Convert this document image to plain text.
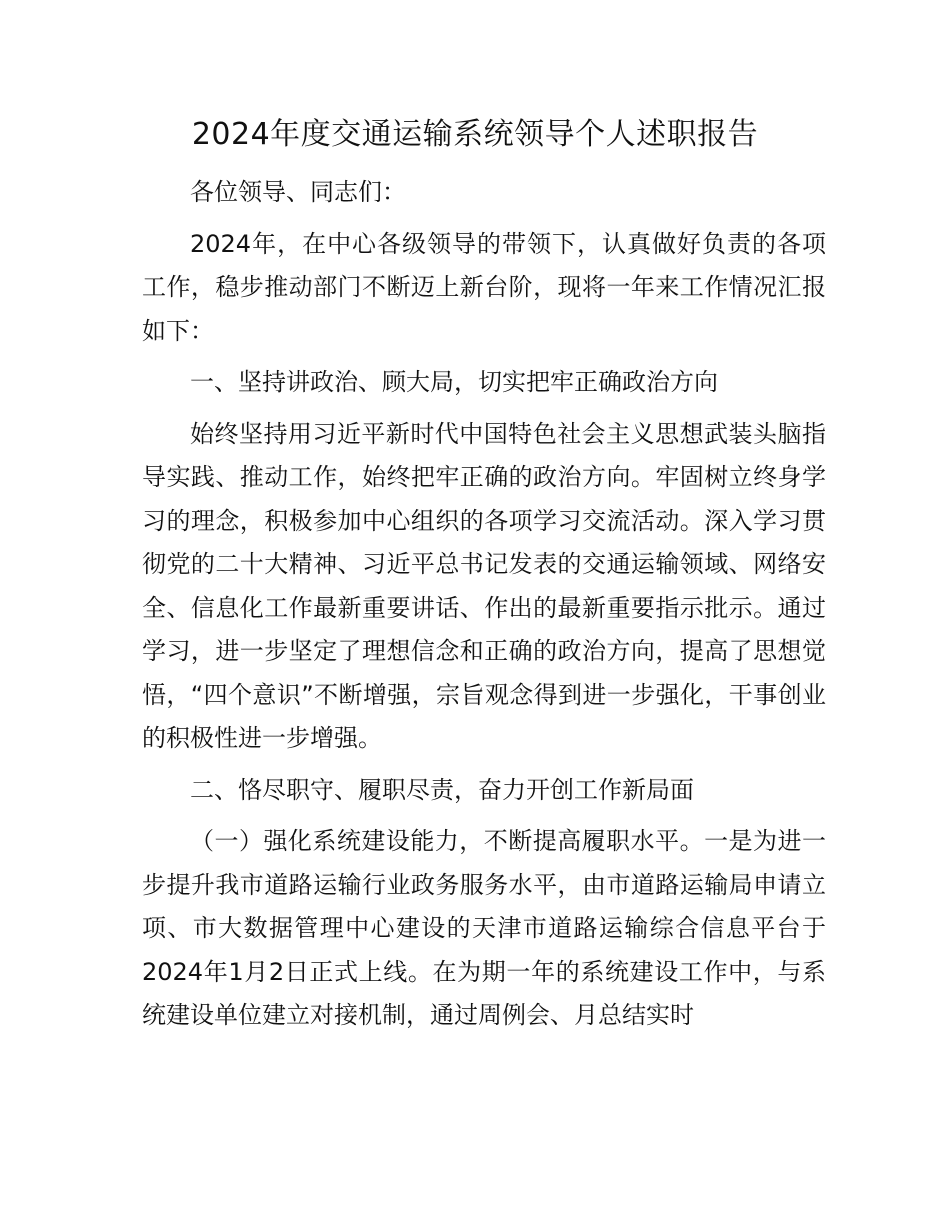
2024年度交通运输系统领导个人述职报告

各位领导、同志们：

2024年，在中心各级领导的带领下，认真做好负责的各项工作，稳步推动部门不断迈上新台阶，现将一年来工作情况汇报如下：

一、坚持讲政治、顾大局，切实把牢正确政治方向

始终坚持用习近平新时代中国特色社会主义思想武装头脑指导实践、推动工作，始终把牢正确的政治方向。牢固树立终身学习的理念，积极参加中心组织的各项学习交流活动。深入学习贯彻党的二十大精神、习近平总书记发表的交通运输领域、网络安全、信息化工作最新重要讲话、作出的最新重要指示批示。通过学习，进一步坚定了理想信念和正确的政治方向，提高了思想觉悟，“四个意识”不断增强，宗旨观念得到进一步强化，干事创业的积极性进一步增强。

二、恪尽职守、履职尽责，奋力开创工作新局面

（一）强化系统建设能力，不断提高履职水平。一是为进一步提升我市道路运输行业政务服务水平，由市道路运输局申请立项、市大数据管理中心建设的天津市道路运输综合信息平台于2024年1月2日正式上线。在为期一年的系统建设工作中，与系统建设单位建立对接机制，通过周例会、月总结实时
